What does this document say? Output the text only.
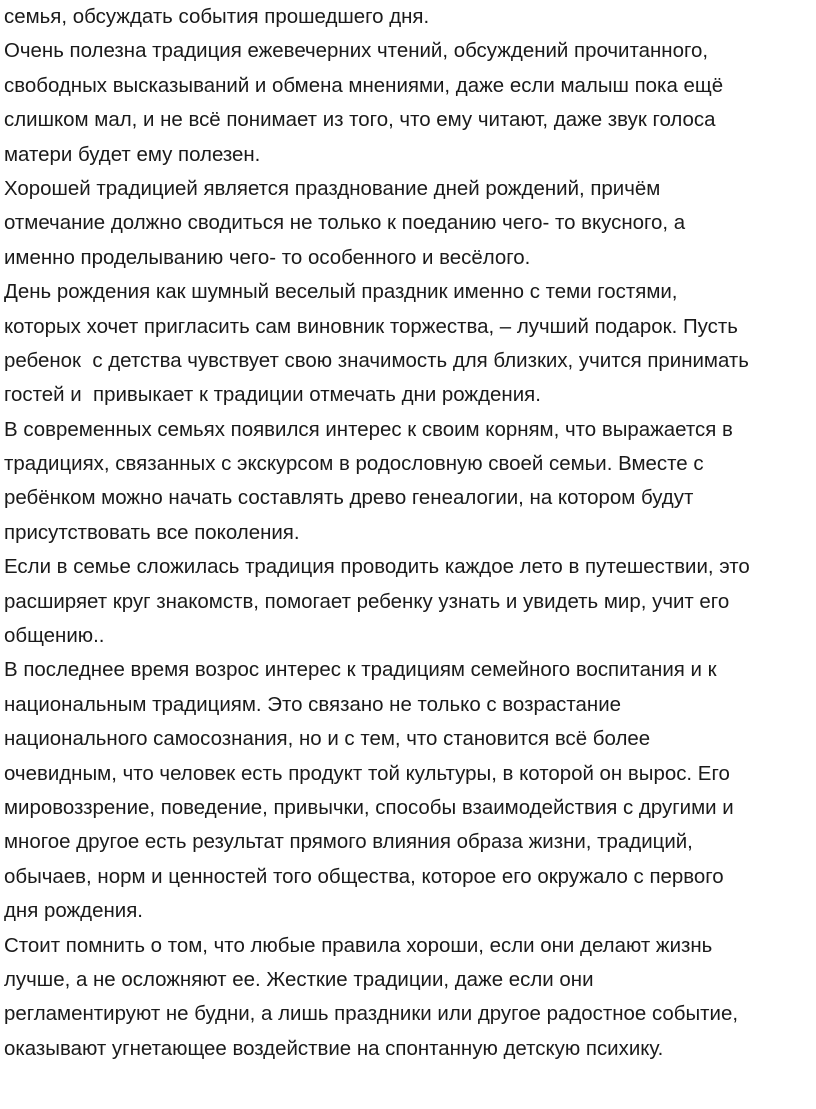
семья, обсуждать события прошедшего дня.
Очень полезна традиция ежевечерних чтений, обсуждений прочитанного,
свободных высказываний и обмена мнениями, даже если малыш пока ещё
слишком мал, и не всё понимает из того, что ему читают, даже звук голоса
матери будет ему полезен.
Хорошей традицией является празднование дней рождений, причём
отмечание должно сводиться не только к поеданию чего- то вкусного, а
именно проделыванию чего- то особенного и весёлого.
День рождения как шумный веселый праздник именно с теми гостями,
которых хочет пригласить сам виновник торжества, – лучший подарок. Пусть
ребенок  с детства чувствует свою значимость для близких, учится принимать
гостей и  привыкает к традиции отмечать дни рождения.
В современных семьях появился интерес к своим корням, что выражается в
традициях, связанных с экскурсом в родословную своей семьи. Вместе с
ребёнком можно начать составлять древо генеалогии, на котором будут
присутствовать все поколения.
Если в семье сложилась традиция проводить каждое лето в путешествии, это
расширяет круг знакомств, помогает ребенку узнать и увидеть мир, учит его
общению..
В последнее время возрос интерес к традициям семейного воспитания и к
национальным традициям. Это связано не только с возрастание
национального самосознания, но и с тем, что становится всё более
очевидным, что человек есть продукт той культуры, в которой он вырос. Его
мировоззрение, поведение, привычки, способы взаимодействия с другими и
многое другое есть результат прямого влияния образа жизни, традиций,
обычаев, норм и ценностей того общества, которое его окружало с первого
дня рождения.
Стоит помнить о том, что любые правила хороши, если они делают жизнь
лучше, а не осложняют ее. Жесткие традиции, даже если они
регламентируют не будни, а лишь праздники или другое радостное событие,
оказывают угнетающее воздействие на спонтанную детскую психику.
